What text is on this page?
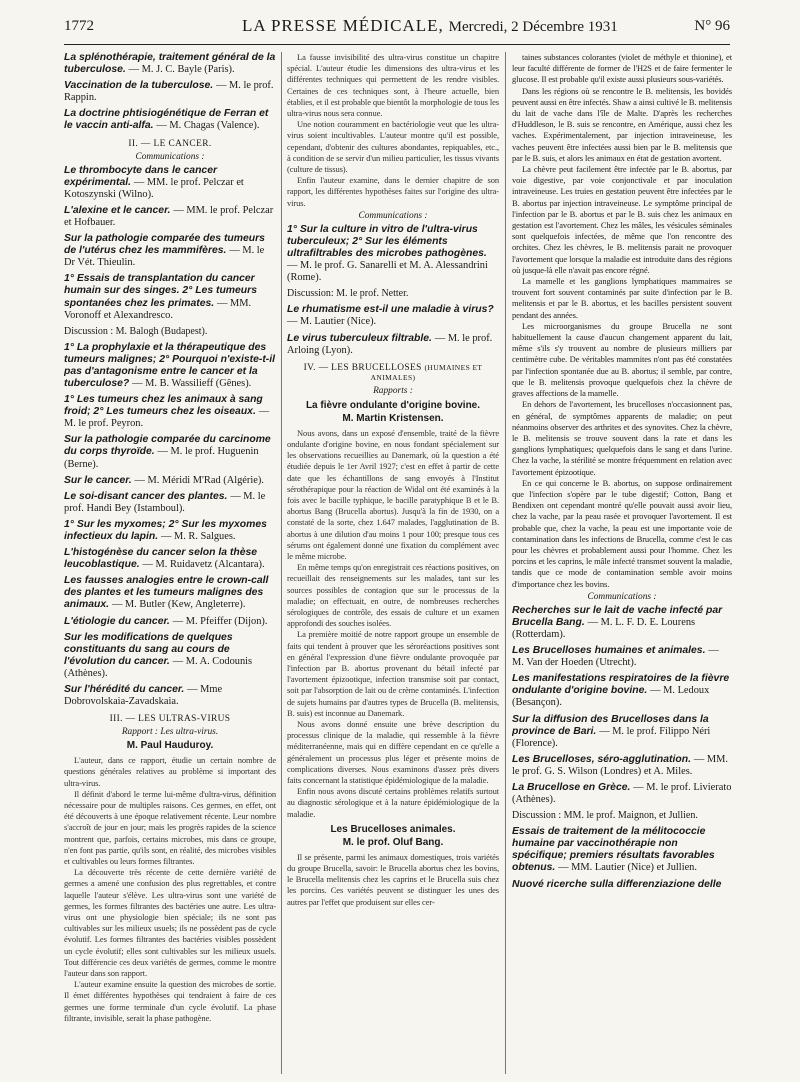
1772	LA PRESSE MÉDICALE, Mercredi, 2 Décembre 1931	N° 96

La splénothérapie, traitement général de la tuberculose. — M. J. C. Bayle (Paris).

Vaccination de la tuberculose. — M. le prof. Rappin.

La doctrine phtisiogénétique de Ferran et le vaccin anti-alfa. — M. Chagas (Valence).

II. — LE CANCER.
Communications :

Le thrombocyte dans le cancer expérimental. — MM. le prof. Pelczar et Kotoszynski (Wilno).

L'alexine et le cancer. — MM. le prof. Pelczar et Hofbauer.

Sur la pathologie comparée des tumeurs de l'utérus chez les mammifères. — M. le Dr Vét. Thieulin.

1° Essais de transplantation du cancer humain sur des singes. 2° Les tumeurs spontanées chez les primates. — MM. Voronoff et Alexandresco.

Discussion : M. Balogh (Budapest).

1° La prophylaxie et la thérapeutique des tumeurs malignes; 2° Pourquoi n'existe-t-il pas d'antagonisme entre le cancer et la tuberculose? — M. B. Wassilieff (Gênes).

1° Les tumeurs chez les animaux à sang froid; 2° Les tumeurs chez les oiseaux. — M. le prof. Peyron.

Sur la pathologie comparée du carcinome du corps thyroïde. — M. le prof. Huguenin (Berne).

Sur le cancer. — M. Méridi M'Rad (Algérie).

Le soi-disant cancer des plantes. — M. le prof. Handi Bey (Istamboul).

1° Sur les myxomes; 2° Sur les myxomes infectieux du lapin. — M. R. Salgues.

L'histogénèse du cancer selon la thèse leucoblastique. — M. Ruidavetz (Alcantara).

Les fausses analogies entre le crown-call des plantes et les tumeurs malignes des animaux. — M. Butler (Kew, Angleterre).

L'étiologie du cancer. — M. Pfeiffer (Dijon).

Sur les modifications de quelques constituants du sang au cours de l'évolution du cancer. — M. A. Codounis (Athènes).

Sur l'hérédité du cancer. — Mme Dobrovolskaia-Zavadskaia.

III. — LES ULTRAS-VIRUS
Rapport : Les ultra-virus.
M. Paul Hauduroy.

L'auteur, dans ce rapport, étudie un certain nombre de questions générales relatives au problème si important des ultra-virus.

Il définit d'abord le terme lui-même d'ultra-virus, définition nécessaire pour de multiples raisons. Ces germes, en effet, ont été découverts à une époque relativement récente. Leur nombre s'accroît de jour en jour; mais les progrès rapides de la science montrent que, parfois, certains microbes, mis dans ce groupe, n'en font pas partie, qu'ils sont, en réalité, des microbes visibles et cultivables ou leurs formes filtrantes.

La découverte très récente de cette dernière variété de germes a amené une confusion des plus regrettables, et contre laquelle l'auteur s'élève. Les ultra-virus sont une variété de germes, les formes filtrantes des bactéries une autre. Les ultra-virus ont une physiologie bien spéciale; ils ne sont pas cultivables sur les milieux usuels; ils ne possèdent pas de cycle évolutif. Les formes filtrantes des bactéries visibles possèdent un cycle évolutif; elles sont cultivables sur les milieux usuels. Tout différencie ces deux variétés de germes, comme le montre l'auteur dans son rapport.

L'auteur examine ensuite la question des microbes de sortie. Il émet différentes hypothèses qui tendraient à faire de ces germes une forme terminale d'un cycle évolutif. La phase filtrante, invisible, serait la phase pathogène.

La fausse invisibilité des ultra-virus constitue un chapitre spécial. L'auteur étudie les dimensions des ultra-virus et les différentes techniques qui permettent de les rendre visibles. Certaines de ces techniques sont, à l'heure actuelle, bien établies, et il est probable que bientôt la morphologie de tous les ultra-virus nous sera connue.

Une notion couramment en bactériologie veut que les ultra-virus soient incultivables. L'auteur montre qu'il est possible, cependant, d'obtenir des cultures abondantes, repiquables, etc., à condition de se servir d'un milieu particulier, les tissus vivants (culture de tissus).

Enfin l'auteur examine, dans le dernier chapitre de son rapport, les différentes hypothèses faites sur l'origine des ultra-virus.

Communications :

1° Sur la culture in vitro de l'ultra-virus tuberculeux; 2° Sur les éléments ultrafiltrables des microbes pathogènes. — M. le prof. G. Sanarelli et M. A. Alessandrini (Rome).

Discussion: M. le prof. Netter.

Le rhumatisme est-il une maladie à virus? — M. Lautier (Nice).

Le virus tuberculeux filtrable. — M. le prof. Arloing (Lyon).

IV. — LES BRUCELLOSES (HUMAINES ET ANIMALES)
Rapports :
La fièvre ondulante d'origine bovine.
M. Martin Kristensen.

Nous avons, dans un exposé d'ensemble, traité de la fièvre ondulante d'origine bovine, en nous fondant spécialement sur les observations recueillies au Danemark, où la question a été étudiée depuis le 1er Avril 1927; c'est en effet à partir de cette date que les échantillons de sang envoyés à l'Institut sérothérapique pour la réaction de Widal ont été examinés à la fois avec le bacille typhique, le bacille paratyphique B et le B. abortus Bang (Brucella abortus). Jusqu'à la fin de 1930, on a constaté de la sorte, chez 1.647 malades, l'agglutination de B. abortus à une dilution d'au moins 1 pour 100; presque tous ces sérums ont également donné une fixation du complément avec le même microbe.

En même temps qu'on enregistrait ces réactions positives, on recueillait des renseignements sur les malades, tant sur les sources possibles de contagion que sur le processus de la maladie; on effectuait, en outre, de nombreuses recherches sérologiques de contrôle, des essais de culture et un examen approfondi des souches isolées.

La première moitié de notre rapport groupe un ensemble de faits qui tendent à prouver que les séroréactions positives sont en général l'expression d'une fièvre ondulante provoquée par l'infection par B. abortus provenant du bétail infecté par l'avortement épizootique, infection transmise soit par contact, soit par l'absorption de lait ou de crème contaminés. L'infection de sujets humains par d'autres types de Brucella (B. melitensis, B. suis) est inconnue au Danemark.

Nous avons donné ensuite une brève description du processus clinique de la maladie, qui ressemble à la fièvre méditerranéenne, mais qui en diffère cependant en ce qu'elle a généralement un processus plus léger et présente moins de complications diverses. Nous examinons d'assez près divers faits concernant la statistique épidémiologique de la maladie.

Enfin nous avons discuté certains problèmes relatifs surtout au diagnostic sérologique et à la nature épidémiologique de la maladie.

Les Brucelloses animales.
M. le prof. Oluf Bang.

Il se présente, parmi les animaux domestiques, trois variétés du groupe Brucella, savoir: le Brucella abortus chez les bovins, le Brucella melitensis chez les caprins et le Brucella suis chez les porcins. Ces variétés peuvent se distinguer les unes des autres par l'effet que produisent sur elles cer-

taines substances colorantes (violet de méthyle et thionine), et leur faculté différente de former de l'H2S et de faire fermenter le glucose. Il est probable qu'il existe aussi plusieurs sous-variétés.

Dans les régions où se rencontre le B. melitensis, les bovidés peuvent aussi en être infectés. Shaw a ainsi cultivé le B. melitensis du lait de vache dans l'île de Malte. D'après les recherches d'Huddleson, le B. suis se rencontre, en Amérique, aussi chez les vaches. Expérimentalement, par injection intraveineuse, les vaches peuvent être infectées aussi bien par le B. melitensis que par le B. suis, et alors les animaux en état de gestation avortent.

La chèvre peut facilement être infectée par le B. abortus, par voie digestive, par voie conjonctivale et par inoculation intraveineuse. Les truies en gestation peuvent être infectées par le B. abortus par injection intraveineuse. Le symptôme principal de l'infection par le B. abortus et par le B. suis chez les animaux en gestation est l'avortement. Chez les mâles, les vésicules séminales sont quelquefois infectées, de même que l'on rencontre des orchites. Chez les chèvres, le B. melitensis parait ne provoquer l'avortement que lorsque la maladie est introduite dans des régions où jusque-là elle n'avait pas encore régné.

La mamelle et les ganglions lymphatiques mammaires se trouvent fort souvent contaminés par suite d'infection par le B. melitensis et par le B. abortus, et les bacilles persistent souvent pendant des années.

Les microorganismes du groupe Brucella ne sont habituellement la cause d'aucun changement apparent du lait, même s'ils s'y trouvent au nombre de plusieurs milliers par centimètre cube. De véritables mammites n'ont pas été constatées par l'infection spontanée due au B. abortus; il semble, par contre, que le B. melitensis provoque quelquefois chez la chèvre de graves affections de la mamelle.

En dehors de l'avortement, les brucelloses n'occasionnent pas, en général, de symptômes apparents de maladie; on peut néanmoins observer des arthrites et des synovites. Chez la chèvre, le B. melitensis se trouve souvent dans la rate et dans les ganglions lymphatiques; quelquefois dans le sang et dans l'urine. Chez la vache, la stérilité se montre fréquemment en relation avec l'avortement épizootique.

En ce qui concerne le B. abortus, on suppose ordinairement que l'infection s'opère par le tube digestif; Cotton, Bang et Bendixen ont cependant montré qu'elle pouvait aussi avoir lieu, chez la vache, par la peau rasée et provoquer l'avortement. Il est probable que, chez la vache, la peau est une importante voie de contamination dans les infections de Brucella, comme c'est le cas pour les chèvres et probablement aussi pour l'homme. Chez les porcins et les caprins, le mâle infecté transmet souvent la maladie, tandis que ce mode de contamination semble avoir moins d'importance chez les bovins.

Communications :

Recherches sur le lait de vache infecté par Brucella Bang. — M. L. F. D. E. Lourens (Rotterdam).

Les Brucelloses humaines et animales. — M. Van der Hoeden (Utrecht).

Les manifestations respiratoires de la fièvre ondulante d'origine bovine. — M. Ledoux (Besançon).

Sur la diffusion des Brucelloses dans la province de Bari. — M. le prof. Filippo Néri (Florence).

Les Brucelloses, séro-agglutination. — MM. le prof. G. S. Wilson (Londres) et A. Miles.

La Brucellose en Grèce. — M. le prof. Livierato (Athènes).

Discussion : MM. le prof. Maignon, et Jullien.

Essais de traitement de la mélitococcie humaine par vaccinothérapie non spécifique; premiers résultats favorables obtenus. — MM. Lautier (Nice) et Jullien.

Nuové ricerche sulla differenziazione delle
